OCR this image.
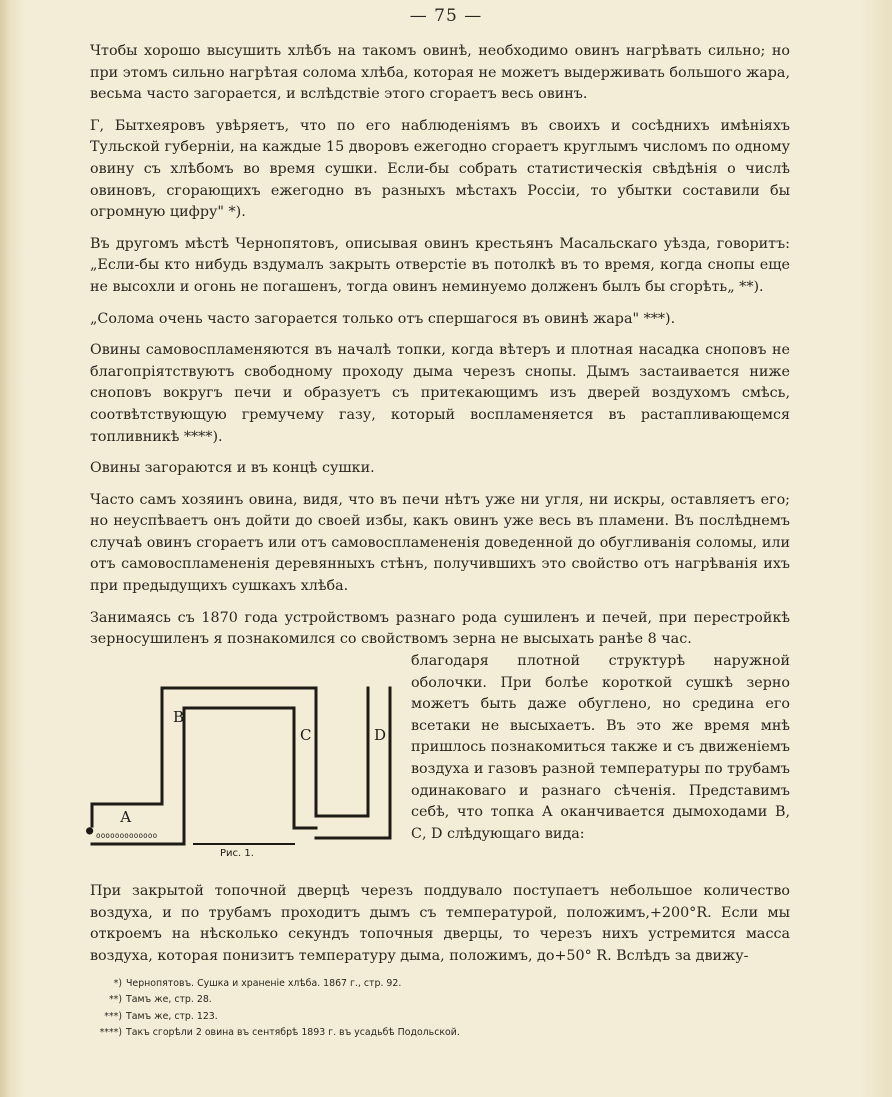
— 75 —

Чтобы хорошо высушить хлѣбъ на такомъ овинѣ, необходимо овинъ нагрѣвать сильно; но при этомъ сильно нагрѣтая солома хлѣба, которая не можетъ выдерживать большого жара, весьма часто загорается, и вслѣдствіе этого сгораетъ весь овинъ.

Г, Бытхеяровъ увѣряетъ, что по его наблюденіямъ въ своихъ и сосѣднихъ имѣніяхъ Тульской губерніи, на каждые 15 дворовъ ежегодно сгораетъ круглымъ числомъ по одному овину съ хлѣбомъ во время сушки. Если-бы собрать статистическія свѣдѣнія о числѣ овиновъ, сгорающихъ ежегодно въ разныхъ мѣстахъ Россіи, то убытки составили бы огромную цифру" *).

Въ другомъ мѣстѣ Чернопятовъ, описывая овинъ крестьянъ Масальскаго уѣзда, говоритъ: „Если-бы кто нибудь вздумалъ закрыть отверстіе въ потолкѣ въ то время, когда снопы еще не высохли и огонь не погашенъ, тогда овинъ неминуемо долженъ былъ бы сгорѣть„ **).

„Солома очень часто загорается только отъ спершагося въ овинѣ жара" ***).

Овины самовоспламеняются въ началѣ топки, когда вѣтеръ и плотная насадка сноповъ не благопріятствуютъ свободному проходу дыма черезъ снопы. Дымъ застаивается ниже сноповъ вокругъ печи и образуетъ съ притекающимъ изъ дверей воздухомъ смѣсь, соотвѣтствующую гремучему газу, который воспламеняется въ растапливающемся топливникѣ ****).

Овины загораются и въ концѣ сушки.

Часто самъ хозяинъ овина, видя, что въ печи нѣтъ уже ни угля, ни искры, оставляетъ его; но неуспѣваетъ онъ дойти до своей избы, какъ овинъ уже весь въ пламени. Въ послѣднемъ случаѣ овинъ сгораетъ или отъ самовоспламененія доведенной до обугливанія соломы, или отъ самовоспламененія деревянныхъ стѣнъ, получившихъ это свойство отъ нагрѣванія ихъ при предыдущихъ сушкахъ хлѣба.

Занимаясь съ 1870 года устройствомъ разнаго рода сушиленъ и печей, при перестройкѣ зерносушиленъ я познакомился со свойствомъ зерна не высыхать ранѣе 8 час.

В
С	D
А
● ooooooooooooo
Рис. 1.
благодаря плотной структурѣ наружной оболочки. При болѣе короткой сушкѣ зерно можетъ быть даже обуглено, но средина его всетаки не высыхаетъ. Въ это же время мнѣ пришлось познакомиться также и съ движеніемъ воздуха и газовъ разной температуры по трубамъ одинаковаго и разнаго сѣченія. Представимъ себѣ, что топка А оканчивается дымоходами В, С, D слѣдующаго вида:
При закрытой топочной дверцѣ черезъ поддувало поступаетъ небольшое количество воздуха, и по трубамъ проходитъ дымъ съ температурой, положимъ,+200°R. Если мы откроемъ на нѣсколько секундъ топочныя дверцы, то черезъ нихъ устремится масса воздуха, которая понизитъ температуру дыма, положимъ, до+50° R. Вслѣдъ за движу-
*) Чернопятовъ. Сушка и храненіе хлѣба. 1867 г., стр. 92.
**) Тамъ же, стр. 28.
***) Тамъ же, стр. 123.
****) Такъ сгорѣли 2 овина въ сентябрѣ 1893 г. въ усадьбѣ Подольской.
